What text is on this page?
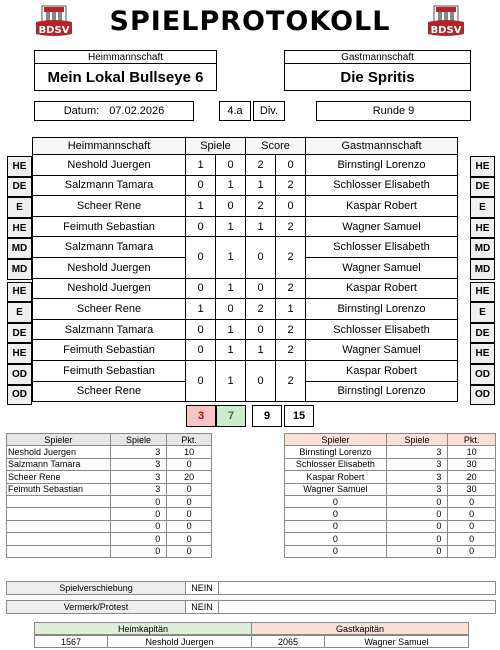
BDSV	BDSV
SPIELPROTOKOLL
Heimmannschaft
Mein Lokal Bullseye 6
Gastmannschaft
Die Spritis
Datum: 07.02.2026	4.a	Div.	Runde 9
HE
DE
E
HE
MD
MD
HE
E
DE
HE
OD
OD
HE
DE
E
HE
MD
MD
HE
E
DE
HE
OD
OD
Heimmannschaft	Spiele		Score		Gastmannschaft
Neshold Juergen	1	0	2	0	Birnstingl Lorenzo
Salzmann Tamara	0	1	1	2	Schlosser Elisabeth
Scheer Rene	1	0	2	0	Kaspar Robert
Feimuth Sebastian	0	1	1	2	Wagner Samuel
Salzmann Tamara	0	1	0	2	Schlosser Elisabeth
Neshold Juergen					Wagner Samuel
Neshold Juergen	0	1	0	2	Kaspar Robert
Scheer Rene	1	0	2	1	Birnstingl Lorenzo
Salzmann Tamara	0	1	0	2	Schlosser Elisabeth
Feimuth Sebastian	0	1	1	2	Wagner Samuel
Feimuth Sebastian	0	1	0	2	Kaspar Robert
Scheer Rene					Birnstingl Lorenzo
3	7	9	15
Spieler	Spiele	Pkt.
Neshold Juergen	3	10
Salzmann Tamara	3	0
Scheer Rene	3	20
Feimuth Sebastian	3	0
	0	0
	0	0
	0	0
	0	0
	0	0
Spieler	Spiele	Pkt.
Birnstingl Lorenzo	3	10
Schlosser Elisabeth	3	30
Kaspar Robert	3	20
Wagner Samuel	3	30
0	0	0
0	0	0
0	0	0
0	0	0
0	0	0
Spielverschiebung	NEIN
Vermerk/Protest	NEIN
Heimkapitän
1567	Neshold Juergen
Gastkapitän
2065	Wagner Samuel
